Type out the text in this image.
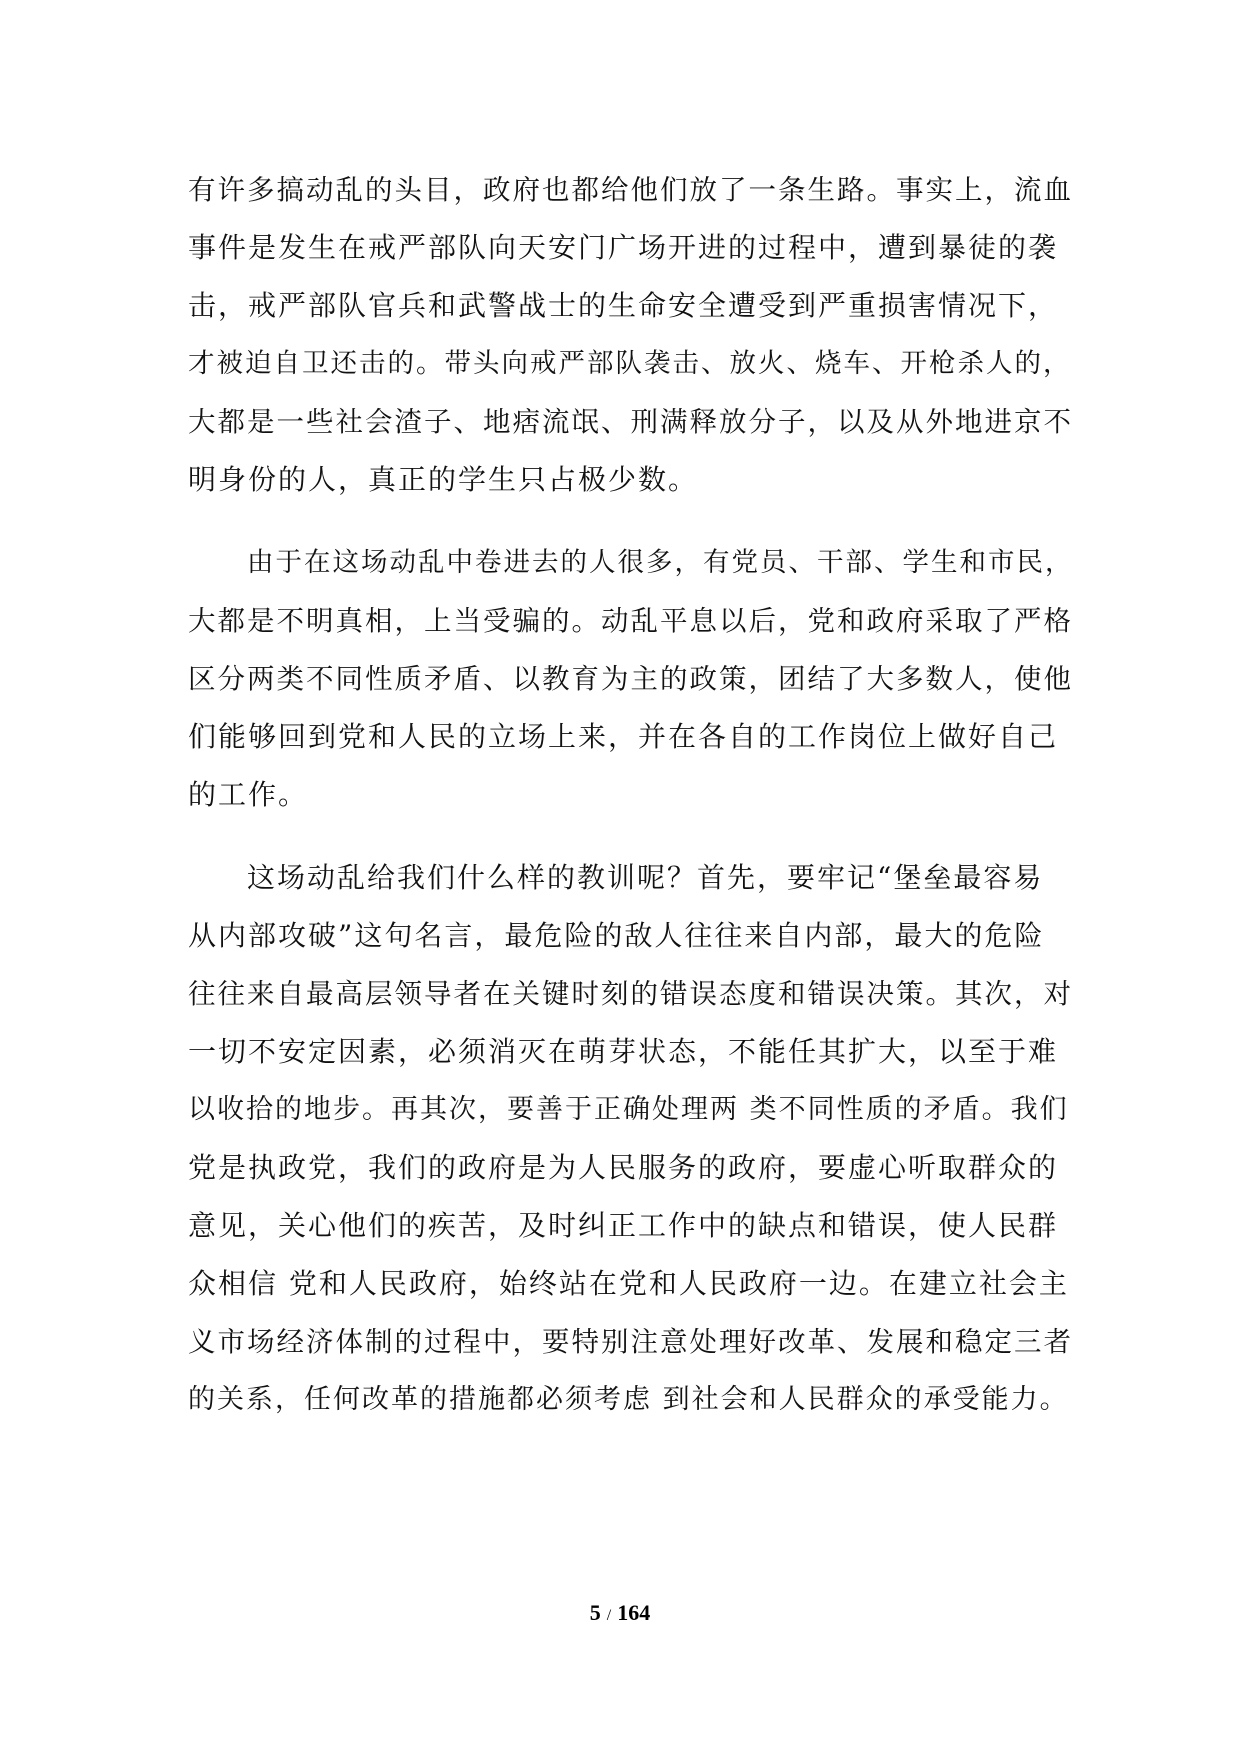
有许多搞动乱的头目，政府也都给他们放了一条生路。事实上，流血
事件是发生在戒严部队向天安门广场开进的过程中，遭到暴徒的袭
击，戒严部队官兵和武警战士的生命安全遭受到严重损害情况下，
才被迫自卫还击的。带头向戒严部队袭击、放火、烧车、开枪杀人的，
大都是一些社会渣子、地痞流氓、刑满释放分子，以及从外地进京不
明身份的人，真正的学生只占极少数。
由于在这场动乱中卷进去的人很多，有党员、干部、学生和市民，
大都是不明真相，上当受骗的。动乱平息以后，党和政府采取了严格
区分两类不同性质矛盾、以教育为主的政策，团结了大多数人，使他
们能够回到党和人民的立场上来，并在各自的工作岗位上做好自己
的工作。
这场动乱给我们什么样的教训呢？首先，要牢记“堡垒最容易
从内部攻破”这句名言，最危险的敌人往往来自内部，最大的危险
往往来自最高层领导者在关键时刻的错误态度和错误决策。其次，对
一切不安定因素，必须消灭在萌芽状态，不能任其扩大，以至于难
以收拾的地步。再其次，要善于正确处理两 类不同性质的矛盾。我们
党是执政党，我们的政府是为人民服务的政府，要虚心听取群众的
意见，关心他们的疾苦，及时纠正工作中的缺点和错误，使人民群
众相信 党和人民政府，始终站在党和人民政府一边。在建立社会主
义市场经济体制的过程中，要特别注意处理好改革、发展和稳定三者
的关系，任何改革的措施都必须考虑 到社会和人民群众的承受能力。
5 / 164
